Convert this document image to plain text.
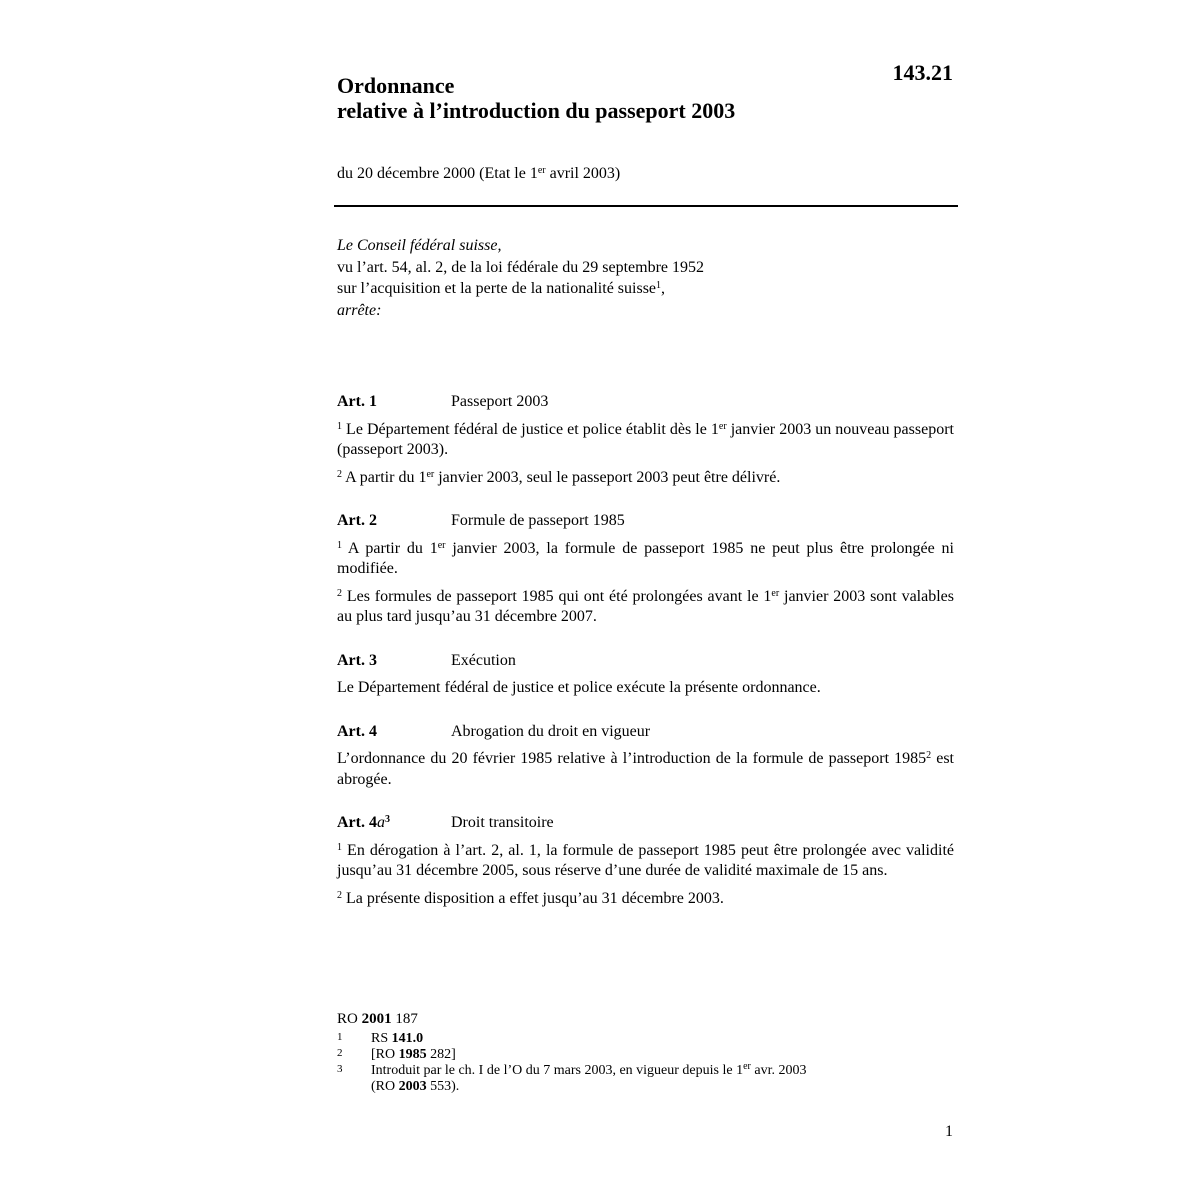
143.21
Ordonnance
relative à l’introduction du passeport 2003
du 20 décembre 2000 (Etat le 1er avril 2003)
Le Conseil fédéral suisse,
vu l’art. 54, al. 2, de la loi fédérale du 29 septembre 1952
sur l’acquisition et la perte de la nationalité suisse$^1$,
arrête:
Art. 1	Passeport 2003

$^1$ Le Département fédéral de justice et police établit dès le 1er janvier 2003 un nouveau passeport (passeport 2003).

$^2$ A partir du 1er janvier 2003, seul le passeport 2003 peut être délivré.

Art. 2	Formule de passeport 1985

$^1$ A partir du 1er janvier 2003, la formule de passeport 1985 ne peut plus être prolongée ni modifiée.

$^2$ Les formules de passeport 1985 qui ont été prolongées avant le 1er janvier 2003 sont valables au plus tard jusqu’au 31 décembre 2007.

Art. 3	Exécution

Le Département fédéral de justice et police exécute la présente ordonnance.

Art. 4	Abrogation du droit en vigueur

L’ordonnance du 20 février 1985 relative à l’introduction de la formule de passeport 1985$^2$ est abrogée.

Art. $4a^3$	Droit transitoire

$^1$ En dérogation à l’art. 2, al. 1, la formule de passeport 1985 peut être prolongée avec validité jusqu’au 31 décembre 2005, sous réserve d’une durée de validité maximale de 15 ans.

$^2$ La présente disposition a effet jusqu’au 31 décembre 2003.

RO 2001 187
1	RS 141.0
2	[RO 1985 282]
3	Introduit par le ch. I de l’O du 7 mars 2003, en vigueur depuis le 1er avr. 2003
(RO 2003 553).
1
